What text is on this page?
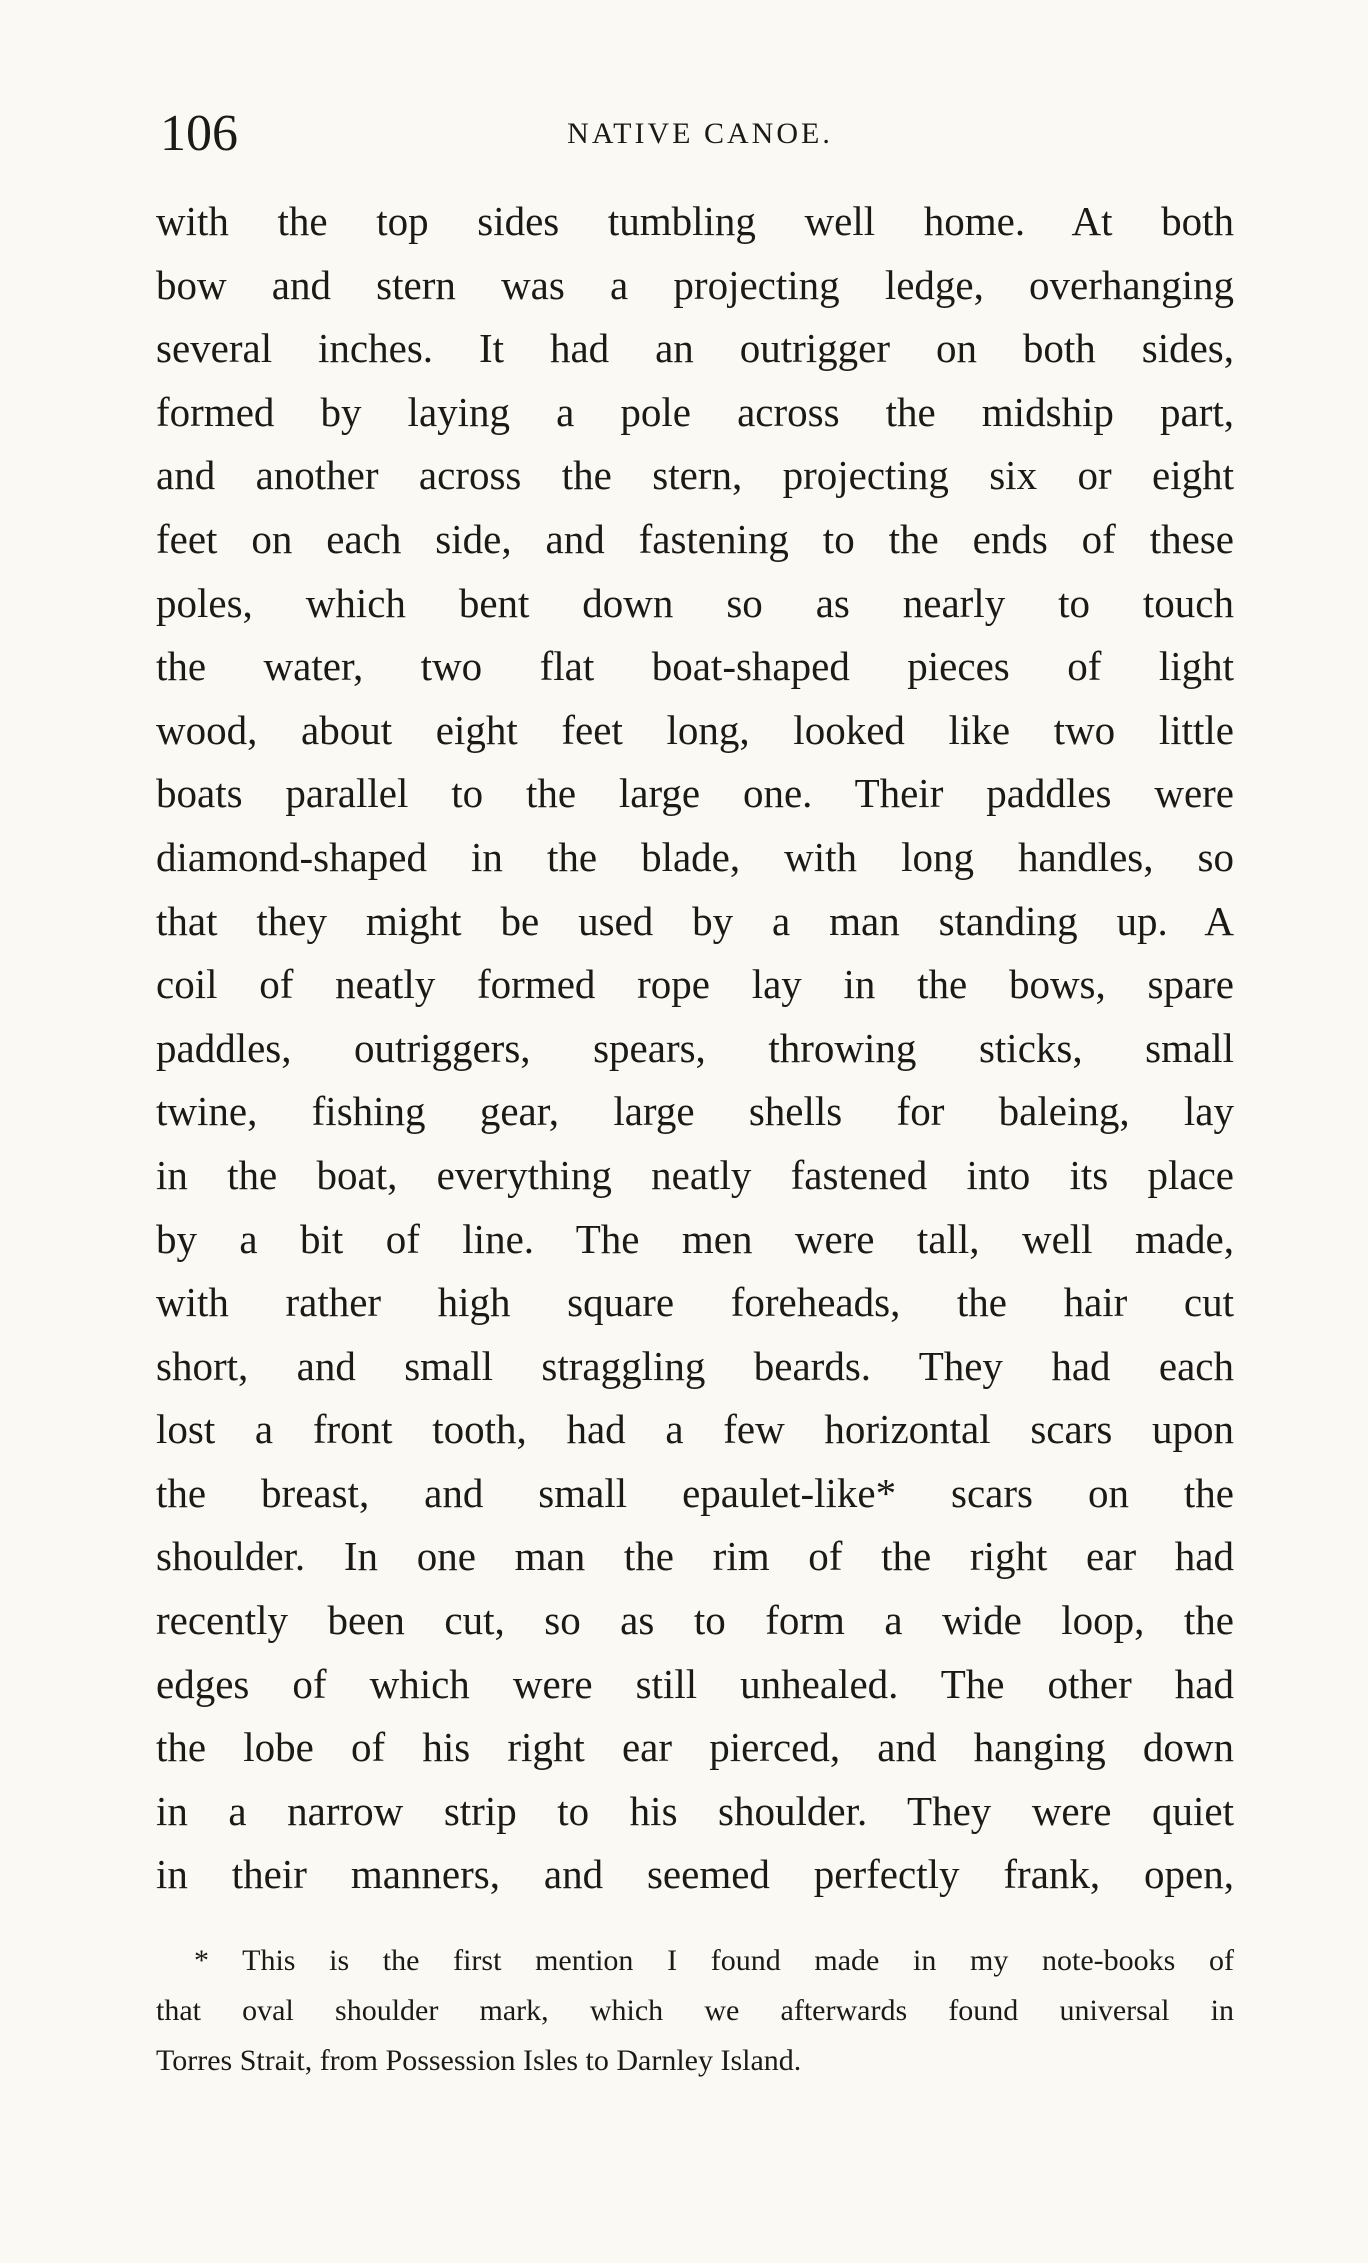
106	NATIVE CANOE.
with the top sides tumbling well home. At both
bow and stern was a projecting ledge, overhanging
several inches. It had an outrigger on both sides,
formed by laying a pole across the midship part,
and another across the stern, projecting six or eight
feet on each side, and fastening to the ends of these
poles, which bent down so as nearly to touch
the water, two flat boat-shaped pieces of light
wood, about eight feet long, looked like two little
boats parallel to the large one. Their paddles were
diamond-shaped in the blade, with long handles, so
that they might be used by a man standing up. A
coil of neatly formed rope lay in the bows, spare
paddles, outriggers, spears, throwing sticks, small
twine, fishing gear, large shells for baleing, lay
in the boat, everything neatly fastened into its place
by a bit of line. The men were tall, well made,
with rather high square foreheads, the hair cut
short, and small straggling beards. They had each
lost a front tooth, had a few horizontal scars upon
the breast, and small epaulet-like* scars on the
shoulder. In one man the rim of the right ear had
recently been cut, so as to form a wide loop, the
edges of which were still unhealed. The other had
the lobe of his right ear pierced, and hanging down
in a narrow strip to his shoulder. They were quiet
in their manners, and seemed perfectly frank, open,
* This is the first mention I found made in my note-books of
that oval shoulder mark, which we afterwards found universal in
Torres Strait, from Possession Isles to Darnley Island.
